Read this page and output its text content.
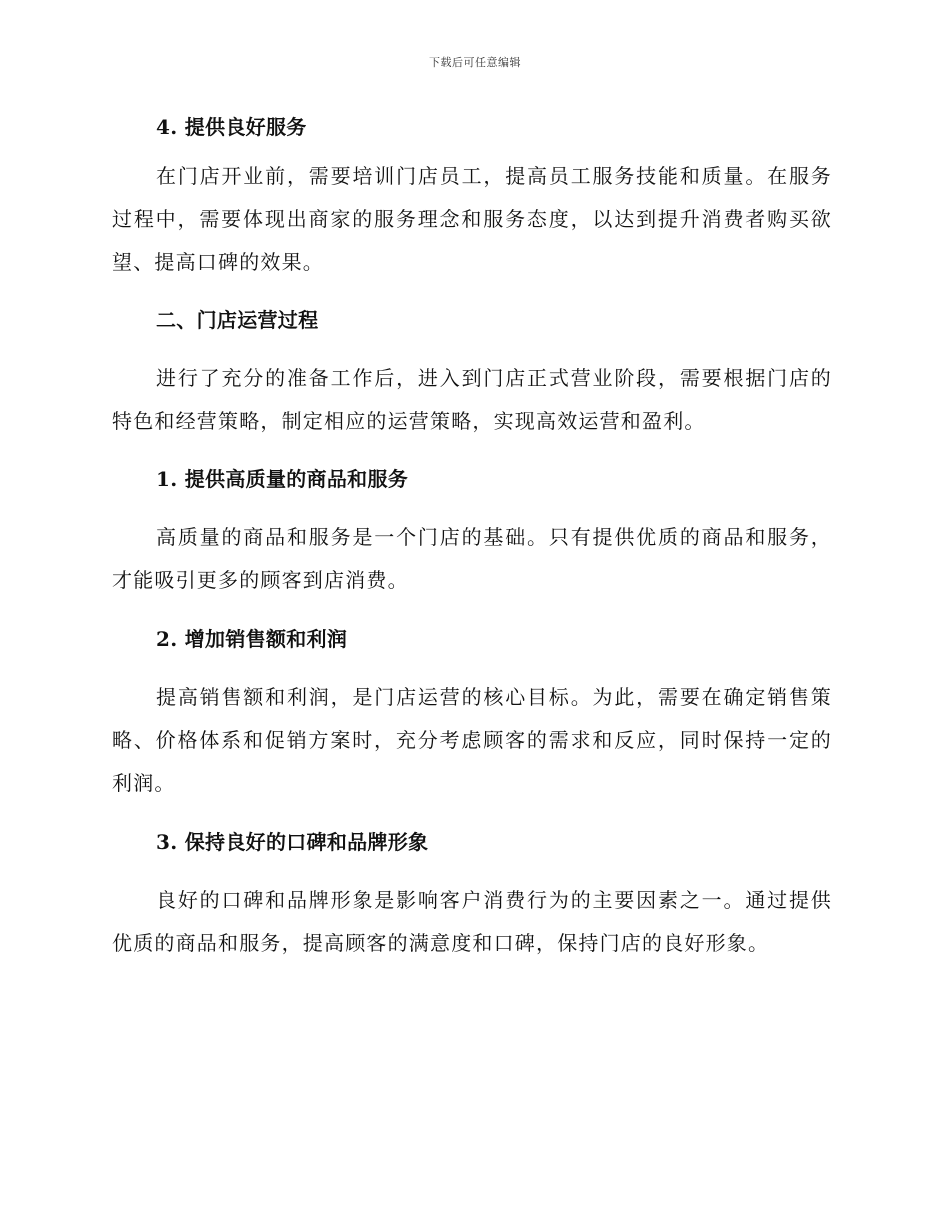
下载后可任意编辑

4. 提供良好服务

在门店开业前，需要培训门店员工，提高员工服务技能和质量。在服务过程中，需要体现出商家的服务理念和服务态度，以达到提升消费者购买欲望、提高口碑的效果。

二、门店运营过程

进行了充分的准备工作后，进入到门店正式营业阶段，需要根据门店的特色和经营策略，制定相应的运营策略，实现高效运营和盈利。

1. 提供高质量的商品和服务

高质量的商品和服务是一个门店的基础。只有提供优质的商品和服务，才能吸引更多的顾客到店消费。

2. 增加销售额和利润

提高销售额和利润，是门店运营的核心目标。为此，需要在确定销售策略、价格体系和促销方案时，充分考虑顾客的需求和反应，同时保持一定的利润。

3. 保持良好的口碑和品牌形象

良好的口碑和品牌形象是影响客户消费行为的主要因素之一。通过提供优质的商品和服务，提高顾客的满意度和口碑，保持门店的良好形象。
